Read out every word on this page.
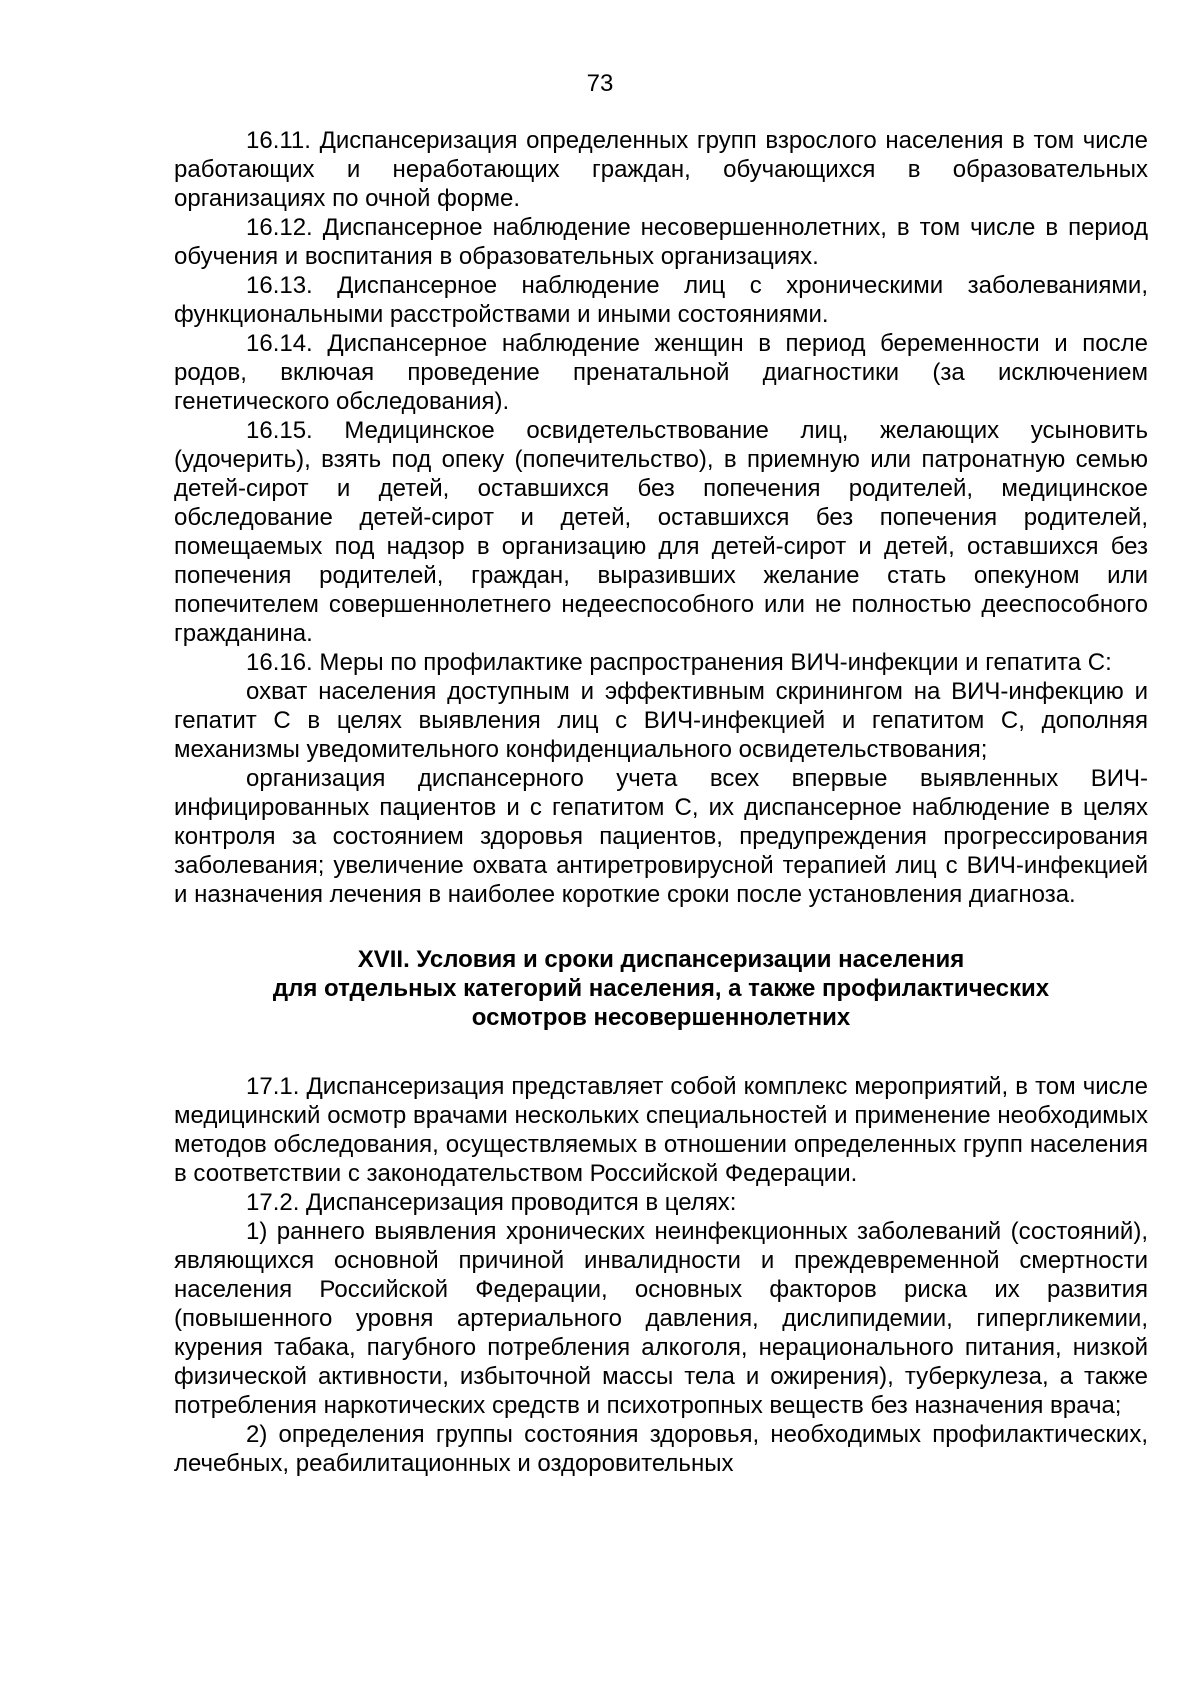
73

16.11. Диспансеризация определенных групп взрослого населения в том числе работающих и неработающих граждан, обучающихся в образовательных организациях по очной форме.

16.12. Диспансерное наблюдение несовершеннолетних, в том числе в период обучения и воспитания в образовательных организациях.

16.13. Диспансерное наблюдение лиц с хроническими заболеваниями, функциональными расстройствами и иными состояниями.

16.14. Диспансерное наблюдение женщин в период беременности и после родов, включая проведение пренатальной диагностики (за исключением генетического обследования).

16.15. Медицинское освидетельствование лиц, желающих усыновить (удочерить), взять под опеку (попечительство), в приемную или патронатную семью детей-сирот и детей, оставшихся без попечения родителей, медицинское обследование детей-сирот и детей, оставшихся без попечения родителей, помещаемых под надзор в организацию для детей-сирот и детей, оставшихся без попечения родителей, граждан, выразивших желание стать опекуном или попечителем совершеннолетнего недееспособного или не полностью дееспособного гражданина.

16.16. Меры по профилактике распространения ВИЧ-инфекции и гепатита С:

охват населения доступным и эффективным скринингом на ВИЧ-инфекцию и гепатит С в целях выявления лиц с ВИЧ-инфекцией и гепатитом С, дополняя механизмы уведомительного конфиденциального освидетельствования;

организация диспансерного учета всех впервые выявленных ВИЧ-инфицированных пациентов и с гепатитом С, их диспансерное наблюдение в целях контроля за состоянием здоровья пациентов, предупреждения прогрессирования заболевания; увеличение охвата антиретровирусной терапией лиц с ВИЧ-инфекцией и назначения лечения в наиболее короткие сроки после установления диагноза.

XVII. Условия и сроки диспансеризации населения
для отдельных категорий населения, а также профилактических
осмотров несовершеннолетних

17.1. Диспансеризация представляет собой комплекс мероприятий, в том числе медицинский осмотр врачами нескольких специальностей и применение необходимых методов обследования, осуществляемых в отношении определенных групп населения в соответствии с законодательством Российской Федерации.

17.2. Диспансеризация проводится в целях:

1) раннего выявления хронических неинфекционных заболеваний (состояний), являющихся основной причиной инвалидности и преждевременной смертности населения Российской Федерации, основных факторов риска их развития (повышенного уровня артериального давления, дислипидемии, гипергликемии, курения табака, пагубного потребления алкоголя, нерационального питания, низкой физической активности, избыточной массы тела и ожирения), туберкулеза, а также потребления наркотических средств и психотропных веществ без назначения врача;

2) определения группы состояния здоровья, необходимых профилактических, лечебных, реабилитационных и оздоровительных
